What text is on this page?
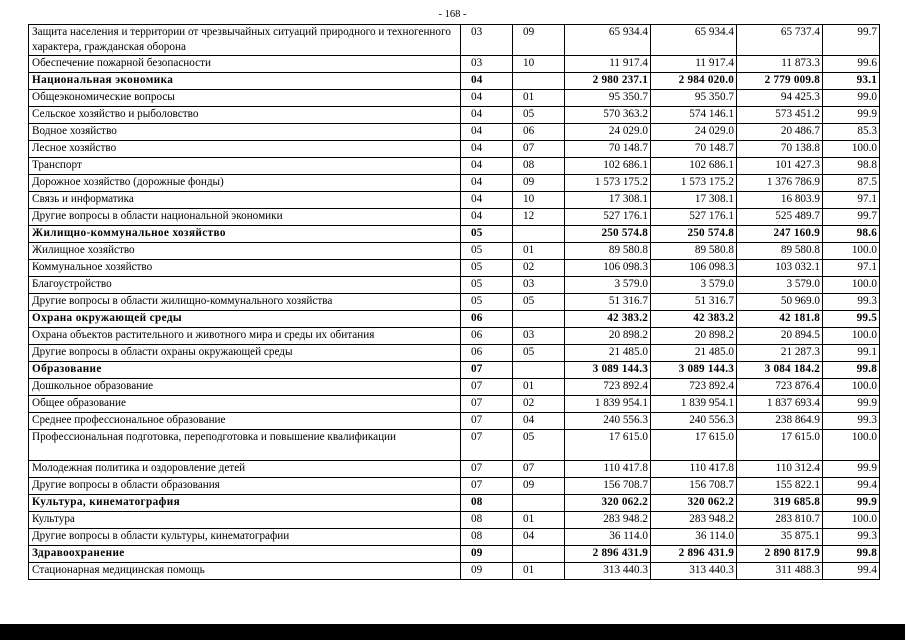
- 168 -
Защита населения и территории от чрезвычайных ситуаций природного и техногенного характера, гражданская оборона	03	09	65 934.4	65 934.4	65 737.4	99.7
Обеспечение пожарной безопасности	03	10	11 917.4	11 917.4	11 873.3	99.6
Национальная экономика	04		2 980 237.1	2 984 020.0	2 779 009.8	93.1
Общеэкономические вопросы	04	01	95 350.7	95 350.7	94 425.3	99.0
Сельское хозяйство и рыболовство	04	05	570 363.2	574 146.1	573 451.2	99.9
Водное хозяйство	04	06	24 029.0	24 029.0	20 486.7	85.3
Лесное хозяйство	04	07	70 148.7	70 148.7	70 138.8	100.0
Транспорт	04	08	102 686.1	102 686.1	101 427.3	98.8
Дорожное хозяйство (дорожные фонды)	04	09	1 573 175.2	1 573 175.2	1 376 786.9	87.5
Связь и информатика	04	10	17 308.1	17 308.1	16 803.9	97.1
Другие вопросы в области национальной экономики	04	12	527 176.1	527 176.1	525 489.7	99.7
Жилищно-коммунальное хозяйство	05		250 574.8	250 574.8	247 160.9	98.6
Жилищное хозяйство	05	01	89 580.8	89 580.8	89 580.8	100.0
Коммунальное хозяйство	05	02	106 098.3	106 098.3	103 032.1	97.1
Благоустройство	05	03	3 579.0	3 579.0	3 579.0	100.0
Другие вопросы в области жилищно-коммунального хозяйства	05	05	51 316.7	51 316.7	50 969.0	99.3
Охрана окружающей среды	06		42 383.2	42 383.2	42 181.8	99.5
Охрана объектов растительного и животного мира и среды их обитания	06	03	20 898.2	20 898.2	20 894.5	100.0
Другие вопросы в области охраны окружающей среды	06	05	21 485.0	21 485.0	21 287.3	99.1
Образование	07		3 089 144.3	3 089 144.3	3 084 184.2	99.8
Дошкольное образование	07	01	723 892.4	723 892.4	723 876.4	100.0
Общее образование	07	02	1 839 954.1	1 839 954.1	1 837 693.4	99.9
Среднее профессиональное образование	07	04	240 556.3	240 556.3	238 864.9	99.3
Профессиональная подготовка, переподготовка и повышение квалификации	07	05	17 615.0	17 615.0	17 615.0	100.0
Молодежная политика и оздоровление детей	07	07	110 417.8	110 417.8	110 312.4	99.9
Другие вопросы в области образования	07	09	156 708.7	156 708.7	155 822.1	99.4
Культура, кинематография	08		320 062.2	320 062.2	319 685.8	99.9
Культура	08	01	283 948.2	283 948.2	283 810.7	100.0
Другие вопросы в области культуры, кинематографии	08	04	36 114.0	36 114.0	35 875.1	99.3
Здравоохранение	09		2 896 431.9	2 896 431.9	2 890 817.9	99.8
Стационарная медицинская помощь	09	01	313 440.3	313 440.3	311 488.3	99.4
